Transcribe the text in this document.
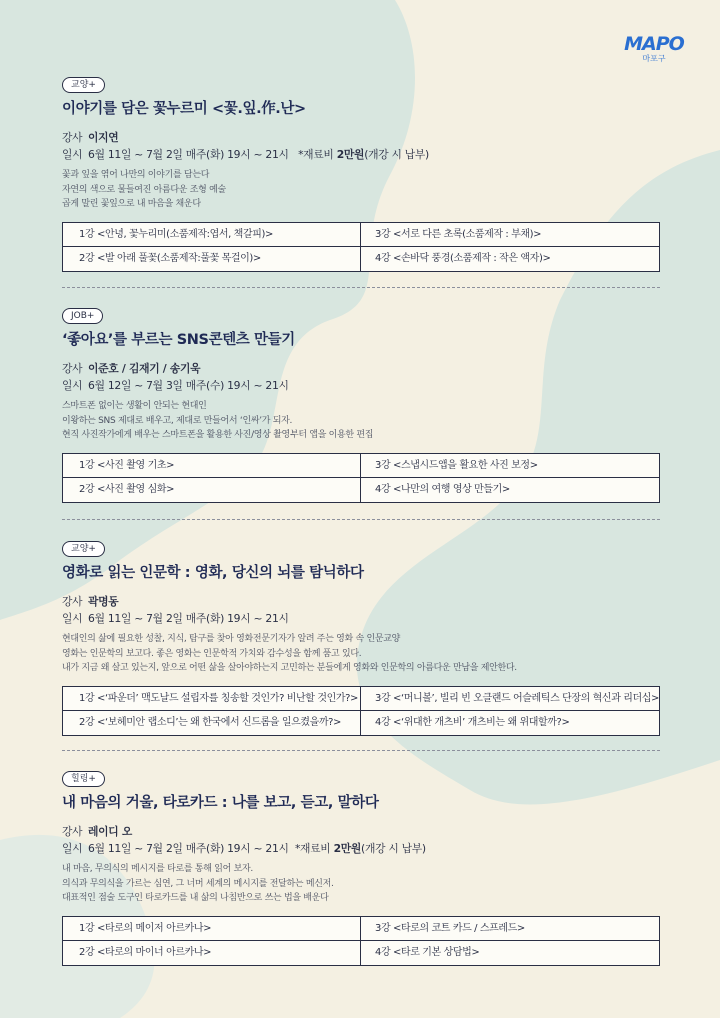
MAPO
마포구
교양+
이야기를 담은 꽃누르미 <꽃.잎.作.난>
강사 이지연
일시 6월 11일 ~ 7월 2일 매주(화) 19시 ~ 21시 *재료비 2만원(개강 시 납부)
꽃과 잎을 엮어 나만의 이야기를 담는다
자연의 색으로 물들여진 아름다운 조형 예술
곱게 말린 꽃잎으로 내 마음을 채운다
1강 <안녕, 꽃누리미(소품제작:엽서, 책갈피)>	3강 <서로 다른 초록(소품제작 : 부채)>
2강 <발 아래 풀꽃(소품제작:풀꽃 목걸이)>	4강 <손바닥 풍경(소품제작 : 작은 액자)>
JOB+
‘좋아요’를 부르는 SNS콘텐츠 만들기
강사 이준호 / 김재기 / 송기욱
일시 6월 12일 ~ 7월 3일 매주(수) 19시 ~ 21시
스마트폰 없이는 생활이 안되는 현대인
이왕하는 SNS 제대로 배우고, 제대로 만들어서 ‘인싸’가 되자.
현직 사진작가에게 배우는 스마트폰을 활용한 사진/영상 촬영부터 앱을 이용한 편집
1강 <사진 촬영 기초>	3강 <스냅시드앱을 활요한 사진 보정>
2강 <사진 촬영 심화>	4강 <나만의 여행 영상 만들기>
교양+
영화로 읽는 인문학 : 영화, 당신의 뇌를 탐닉하다
강사 곽명동
일시 6월 11일 ~ 7월 2일 매주(화) 19시 ~ 21시
현대인의 삶에 필요한 성찰, 지식, 탐구를 찾아 영화전문기자가 알려 주는 영화 속 인문교양
영화는 인문학의 보고다. 좋은 영화는 인문학적 가치와 감수성을 함께 품고 있다.
내가 지금 왜 살고 있는지, 앞으로 어떤 삶을 살아야하는지 고민하는 분들에게 영화와 인문학의 아름다운 만남을 제안한다.
1강 <‘파운더’ 맥도날드 설립자를 칭송할 것인가? 비난할 것인가?>	3강 <‘머니볼’, 빌리 빈 오클랜드 어슬레틱스 단장의 혁신과 리더십>
2강 <‘보헤미안 랩소디’는 왜 한국에서 신드롬을 일으켰을까?>	4강 <‘위대한 개츠비’ 개츠비는 왜 위대할까?>
힐링+
내 마음의 거울, 타로카드 : 나를 보고, 듣고, 말하다
강사 레이디 오
일시 6월 11일 ~ 7월 2일 매주(화) 19시 ~ 21시 *재료비 2만원(개강 시 납부)
내 마음, 무의식의 메시지를 타로를 통해 읽어 보자.
의식과 무의식을 가르는 심연, 그 너머 세계의 메시지를 전달하는 메신저.
대표적인 점술 도구인 타로카드를 내 삶의 나침반으로 쓰는 법을 배운다
1강 <타로의 메이저 아르카나>	3강 <타로의 코트 카드 / 스프레드>
2강 <타로의 마이너 아르카나>	4강 <타로 기본 상담법>
